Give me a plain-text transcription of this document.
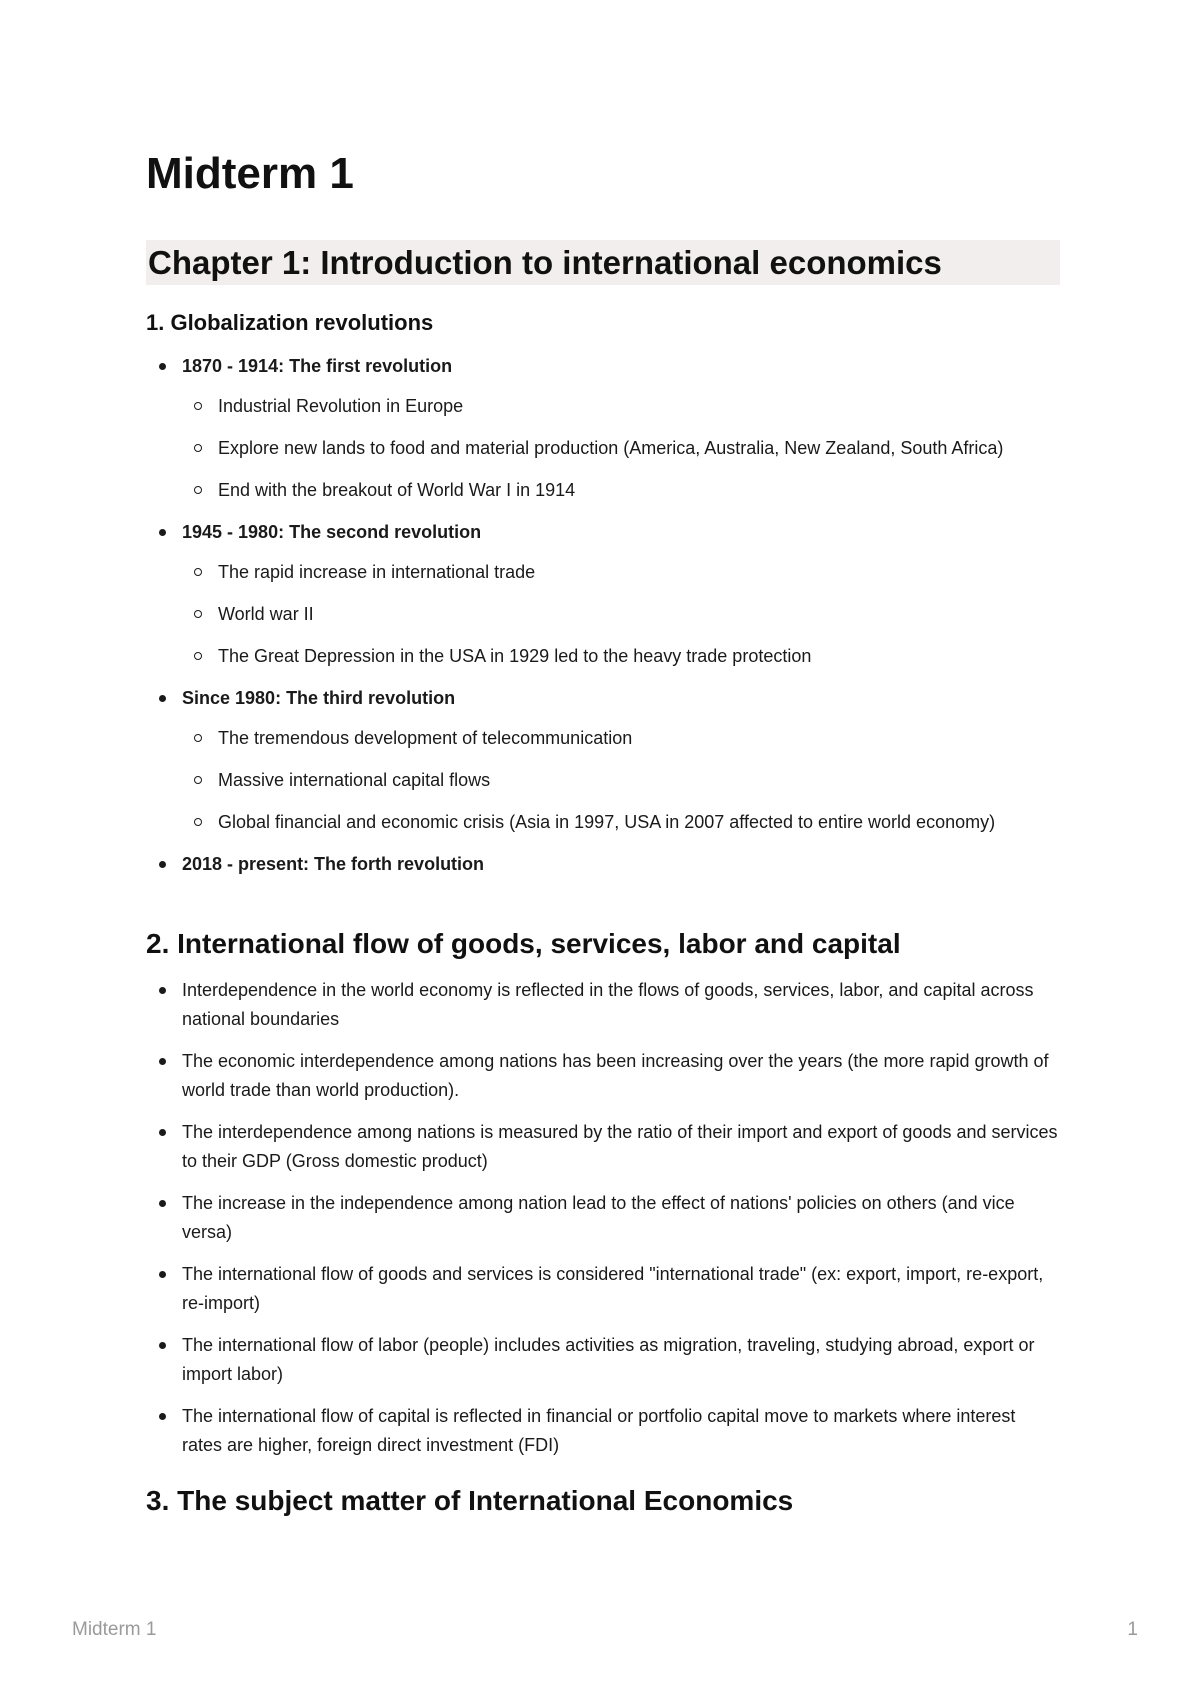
Midterm 1
Chapter 1: Introduction to international economics
1. Globalization revolutions
1870 - 1914: The first revolution
Industrial Revolution in Europe
Explore new lands to food and material production (America, Australia, New Zealand, South Africa)
End with the breakout of World War I in 1914
1945 - 1980: The second revolution
The rapid increase in international trade
World war II
The Great Depression in the USA in 1929 led to the heavy trade protection
Since 1980: The third revolution
The tremendous development of telecommunication
Massive international capital flows
Global financial and economic crisis (Asia in 1997, USA in 2007 affected to entire world economy)
2018 - present: The forth revolution
2. International flow of goods, services, labor and capital
Interdependence in the world economy is reflected in the flows of goods, services, labor, and capital across national boundaries
The economic interdependence among nations has been increasing over the years (the more rapid growth of world trade than world production).
The interdependence among nations is measured by the ratio of their import and export of goods and services to their GDP (Gross domestic product)
The increase in the independence among nation lead to the effect of nations' policies on others (and vice versa)
The international flow of goods and services is considered "international trade" (ex: export, import, re-export, re-import)
The international flow of labor (people) includes activities as migration, traveling, studying abroad, export or import labor)
The international flow of capital is reflected in financial or portfolio capital move to markets where interest rates are higher, foreign direct investment (FDI)
3. The subject matter of International Economics
Midterm 1	1
